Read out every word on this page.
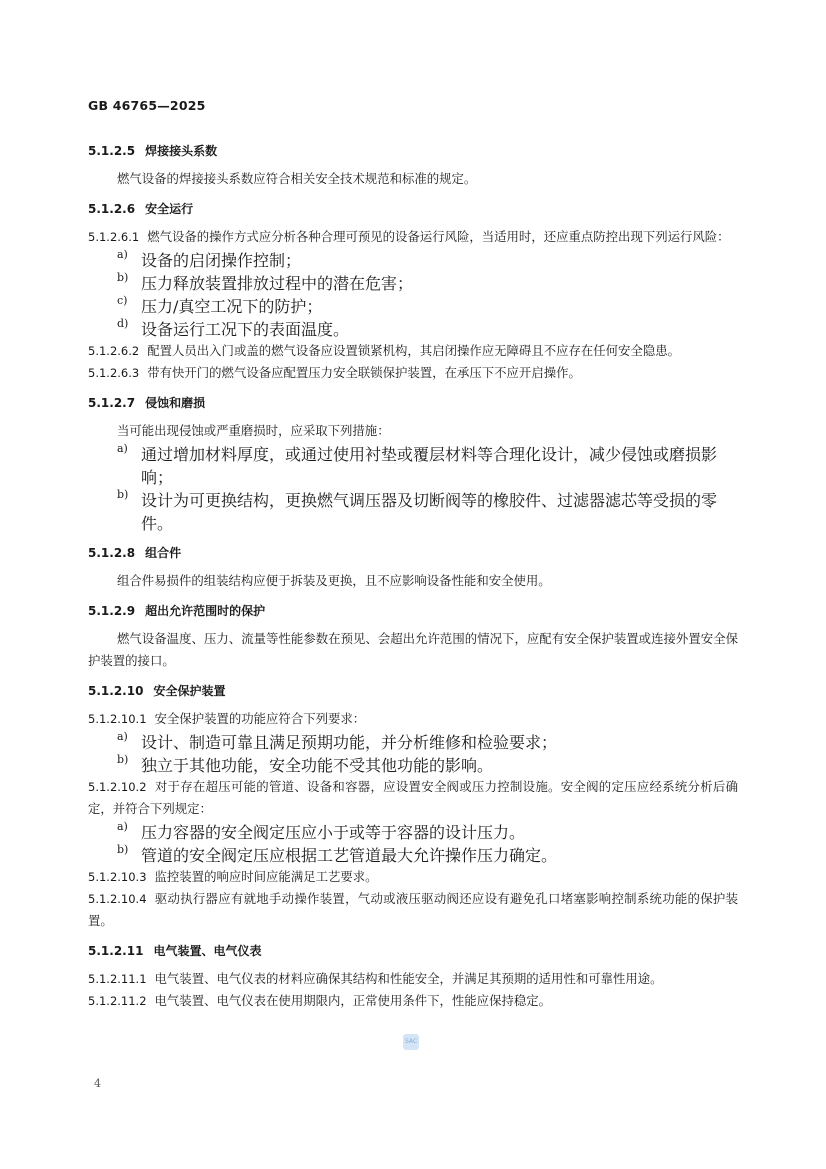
GB 46765—2025
5.1.2.5 焊接接头系数

燃气设备的焊接接头系数应符合相关安全技术规范和标准的规定。

5.1.2.6 安全运行

5.1.2.6.1 燃气设备的操作方式应分析各种合理可预见的设备运行风险，当适用时，还应重点防控出现下列运行风险：

a) 设备的启闭操作控制；
b) 压力释放装置排放过程中的潜在危害；
c) 压力/真空工况下的防护；
d) 设备运行工况下的表面温度。

5.1.2.6.2 配置人员出入门或盖的燃气设备应设置锁紧机构，其启闭操作应无障碍且不应存在任何安全隐患。

5.1.2.6.3 带有快开门的燃气设备应配置压力安全联锁保护装置，在承压下不应开启操作。

5.1.2.7 侵蚀和磨损

当可能出现侵蚀或严重磨损时，应采取下列措施：

a) 通过增加材料厚度，或通过使用衬垫或覆层材料等合理化设计，减少侵蚀或磨损影响；
b) 设计为可更换结构，更换燃气调压器及切断阀等的橡胶件、过滤器滤芯等受损的零件。
5.1.2.8 组合件

组合件易损件的组装结构应便于拆装及更换，且不应影响设备性能和安全使用。

5.1.2.9 超出允许范围时的保护

燃气设备温度、压力、流量等性能参数在预见、会超出允许范围的情况下，应配有安全保护装置或连接外置安全保护装置的接口。

5.1.2.10 安全保护装置

5.1.2.10.1 安全保护装置的功能应符合下列要求：

a) 设计、制造可靠且满足预期功能，并分析维修和检验要求；
b) 独立于其他功能，安全功能不受其他功能的影响。

5.1.2.10.2 对于存在超压可能的管道、设备和容器，应设置安全阀或压力控制设施。安全阀的定压应经系统分析后确定，并符合下列规定：

a) 压力容器的安全阀定压应小于或等于容器的设计压力。
b) 管道的安全阀定压应根据工艺管道最大允许操作压力确定。

5.1.2.10.3 监控装置的响应时间应能满足工艺要求。

5.1.2.10.4 驱动执行器应有就地手动操作装置，气动或液压驱动阀还应设有避免孔口堵塞影响控制系统功能的保护装置。

5.1.2.11 电气装置、电气仪表

5.1.2.11.1 电气装置、电气仪表的材料应确保其结构和性能安全，并满足其预期的适用性和可靠性用途。

5.1.2.11.2 电气装置、电气仪表在使用期限内，正常使用条件下，性能应保持稳定。

SAC
4
